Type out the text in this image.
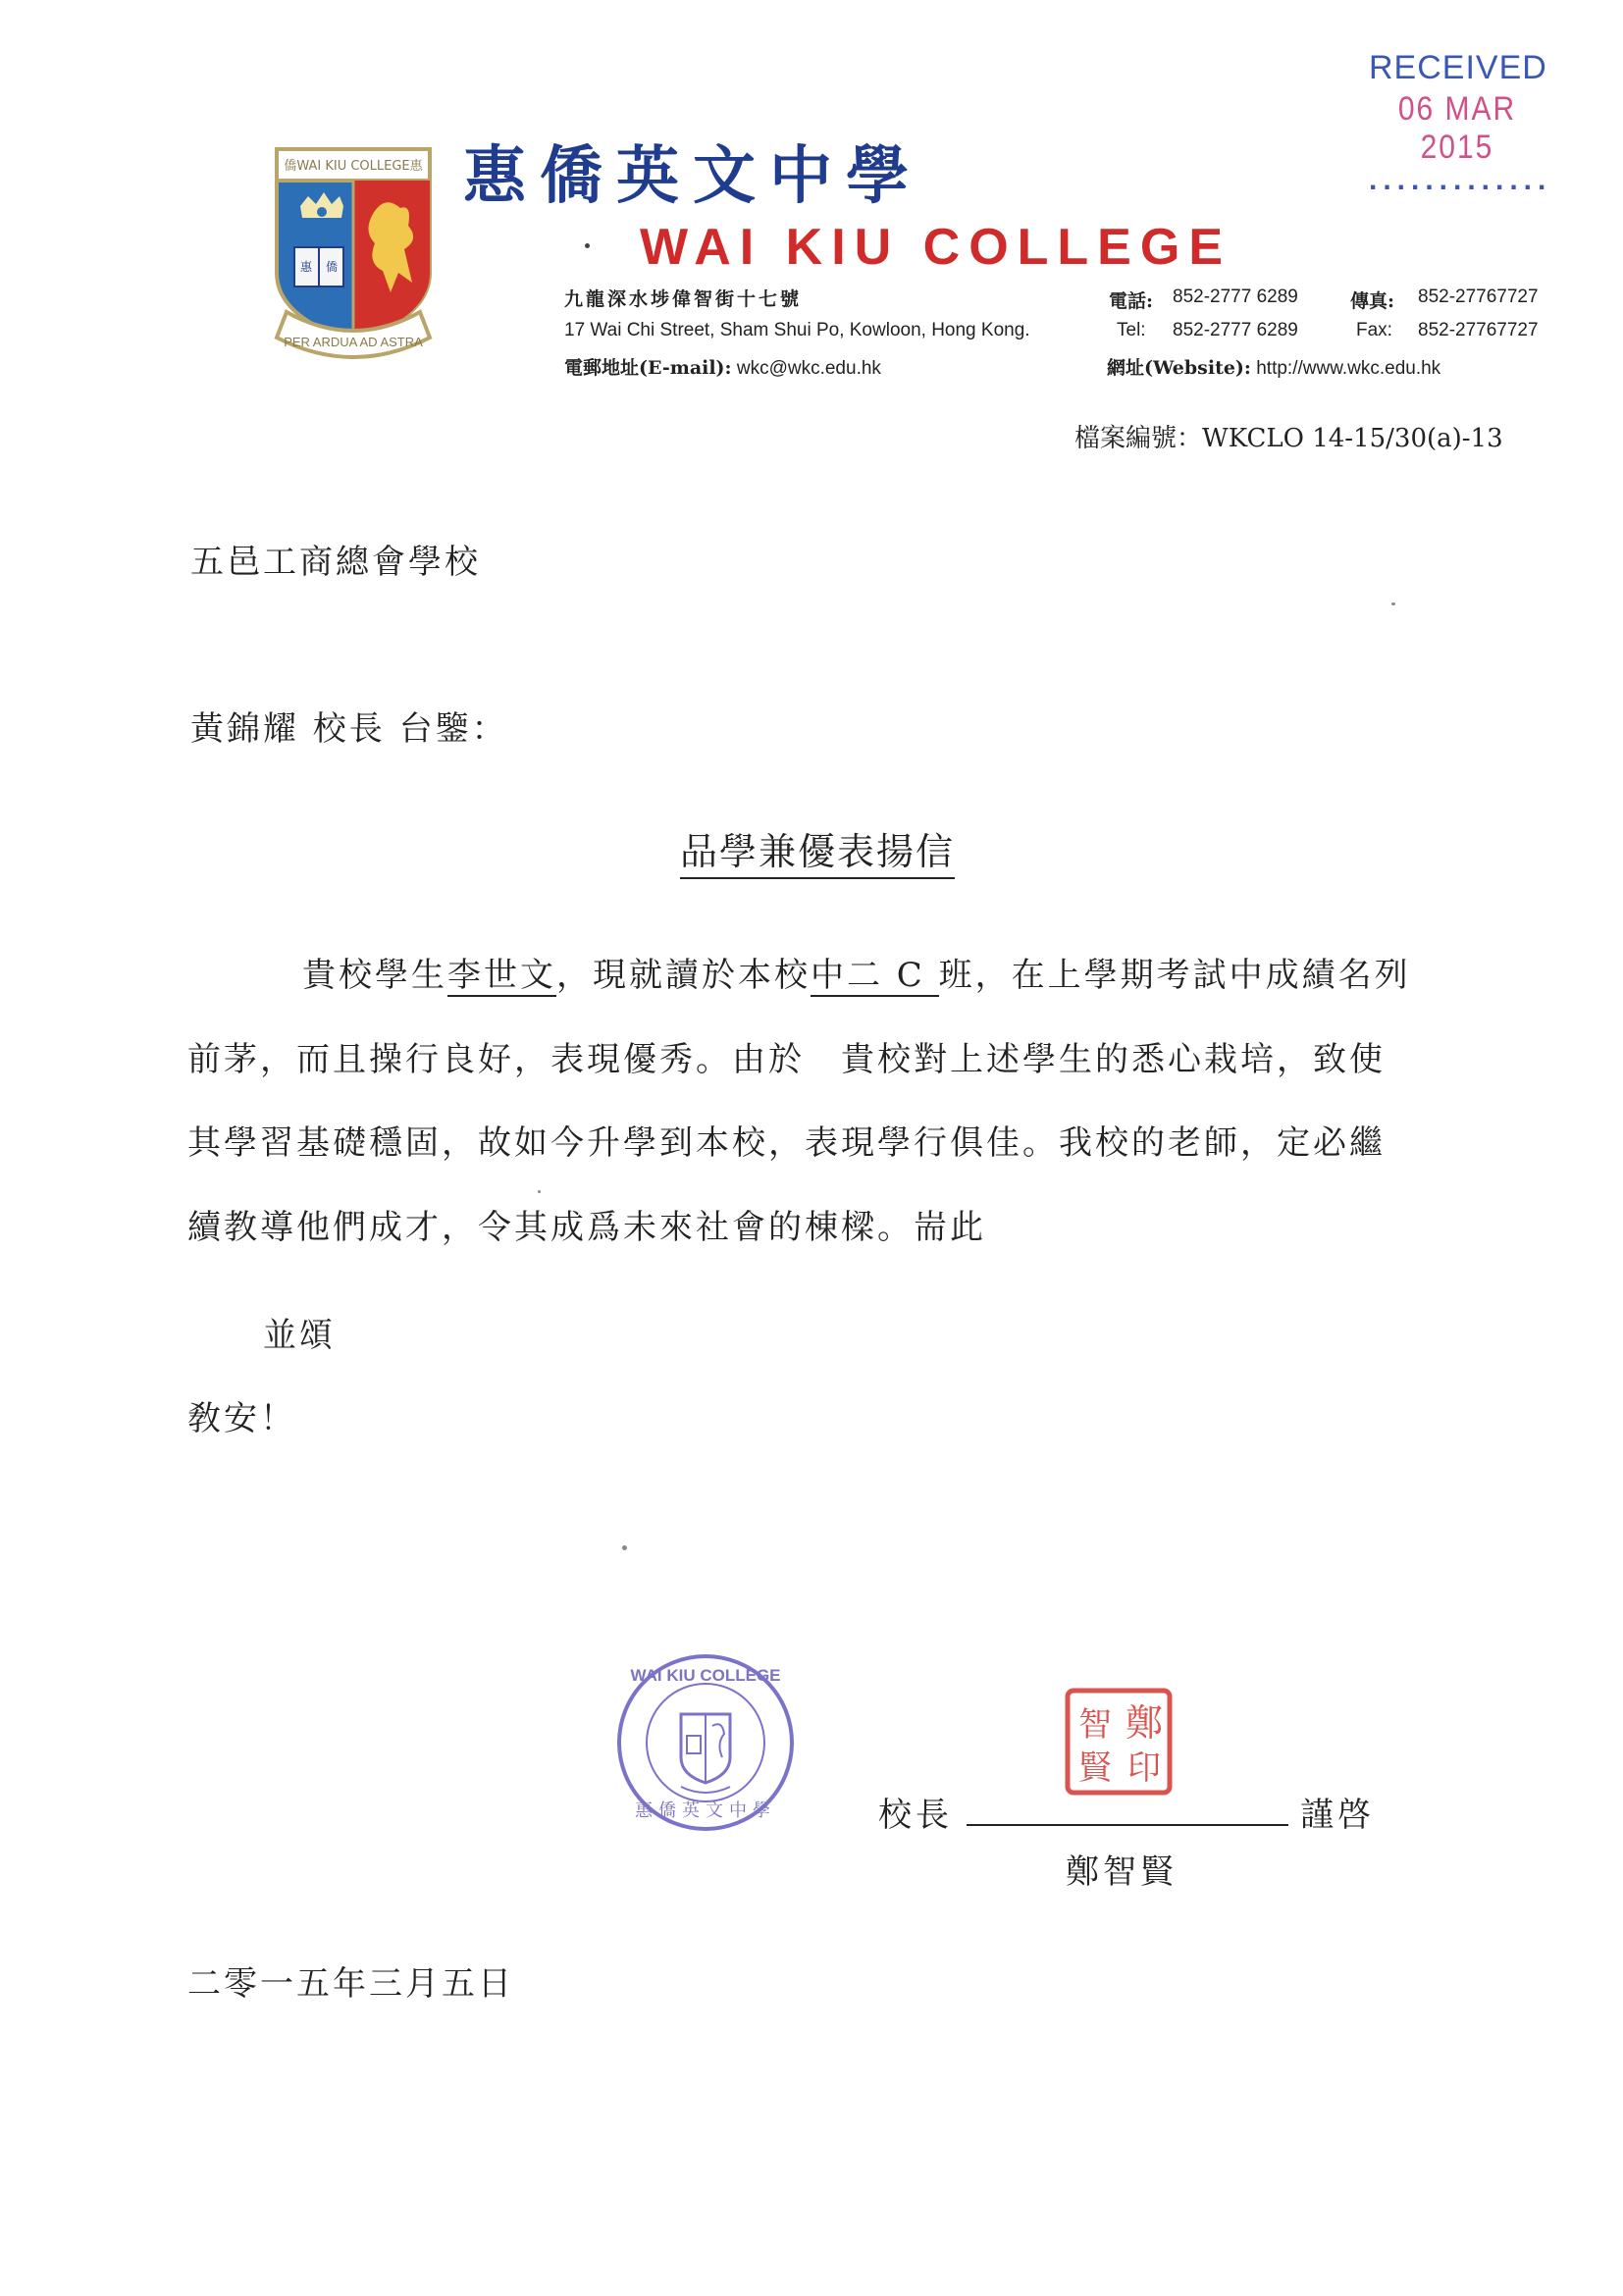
RECEIVED
06 MAR 2015
.............
僑WAI KIU COLLEGE惠
惠 僑
PER ARDUA AD ASTRA
惠僑英文中學
WAI KIU COLLEGE
九龍深水埗偉智街十七號
17 Wai Chi Street, Sham Shui Po, Kowloon, Hong Kong.
電郵地址(E-mail): wkc@wkc.edu.hk
電話: 852-2777 6289	傳真: 852-27767727
Tel: 852-2777 6289	Fax: 852-27767727
網址(Website): http://www.wkc.edu.hk
檔案編號：WKCLO 14-15/30(a)-13
五邑工商總會學校
黃錦耀 校長 台鑒：
品學兼優表揚信
貴校學生李世文，現就讀於本校中二 C 班，在上學期考試中成績名列
前茅，而且操行良好，表現優秀。由於　貴校對上述學生的悉心栽培，致使
其學習基礎穩固，故如今升學到本校，表現學行俱佳。我校的老師，定必繼
續教導他們成才，令其成爲未來社會的棟樑。耑此
並頌
敎安！
WAI KIU COLLEGE
惠僑英文中學
鄭
智
賢 印
校長	謹啓
鄭智賢
二零一五年三月五日
